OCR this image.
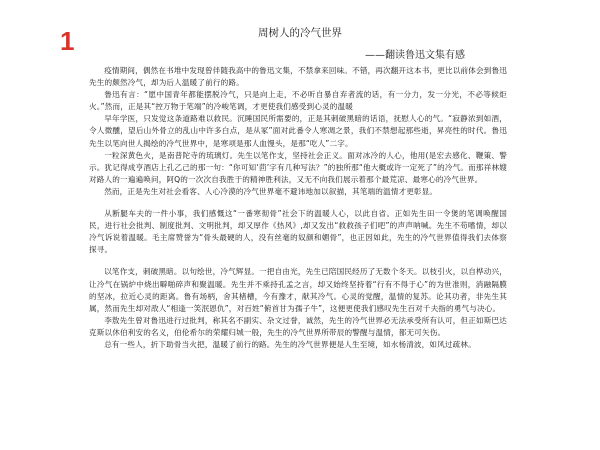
1	周树人的冷气世界
——翻读鲁迅文集有感

疫情期间，偶然在书堆中发现曾伴随我高中的鲁迅文集，不禁拿来回味。不错，再次翻开这本书，更比以前体会到鲁迅先生的颇然冷气，却为后人温暖了前行的路。

鲁迅有言：“愿中国青年都能摆脱冷气，只是向上走，不必听自暴自弃者流的话，有一分力，发一分光，不必等候炬火。”然而，正是其“控万物于笔端”的冷峻笔调，才更使我们感受到心灵的温暖

早年学医，只发觉这条道路难以救民。沉睡国民所需要的，正是其刺破黑暗的话语，抚慰人心的气。“寂静浓到如酒，令人微醺，望后山外骨立的乱山中许多白点，是从冢”面对此番令人寒凋之景，我们不禁想起那些逝，昇亮性的时代。鲁迅先生以笔向世人揭绘的冷气世界中，是寒项是那人血馒头，是那“吃人”二字。

一粒深黄色火，是南普陀寺的琉璃灯。先生以笔作支，坚持社会正义。面对冰冷的人心，他用(是宏去感化、鞭策、警示。犹记得成亨酒店上孔乙己的那一句：“你可知‘茴’字有几种写法？”的独所那“他大概或许一定死了”的冷气。而那祥林嫂对路人的一遍遍唤问，阿Q的一次次自我胜于的精神胜利法，又无不向我们展示着那个最荒凉、最寒心的冷气世界。

然而，正是先生对社会看客、人心冷漠的冷气世界毫不避讳地加以叙描，其笔端的温情才更彰显。

从断腿车夫的一件小事，我们感慨这“一番寒彻骨”社会下的温暖人心，以此自省。正如先生田一令煲的笔调唤醒国民，进行社会批判、制度批判、文明批判，却又厚作《热风》,却又发出“救救孩子们吧”的声声呐喊。先生不苟嗜情，却以冷气诉说着温暖。毛主席赞誉为“骨头最硬的人，没有丝毫的奴颜和媚骨”，也正因如此，先生的冷气世界值得我们去体察探寻。

以笔作支，刺破黑暗。以句绘世，冷气辉显。一把自由光，先生已陪国民经历了无数个冬天。以枝引火，以自桦动兴，让冷气在锅炉中烧出噼啪碎声和聚温暖。先生并不乘持孔孟之言，却又始终坚持着“行有不得于心”的为世准则，消融隔膜的坚冰，拉近心灵的距离。鲁有场柄，舍其楮槽，今有豫才，献其冷气。心灵的觉醒，温情的复苏。论其功者，非先生其属，然而先生却对敌人“相逢一笑泯恩仇”，对百姓“俯首甘为孺子牛”，这便更使我们感叹先生百对千夫指的勇气与决心。

李敖先生曾对鲁迅进行过批判，称其名不副实、杂文过誉，诚然，先生的冷气世界必无法承受所有认可，但正如斯巴达克斯以休伯利安的名义，伯伦希尔的荣耀归城一般，先生的冷气世界所带辰的警醒与温情，都无可矢伤。

总有一些人，折下助骨当火把，温暖了前行的路。先生的冷气世界便是人生至境，如水杨清波，如风过疏林。
